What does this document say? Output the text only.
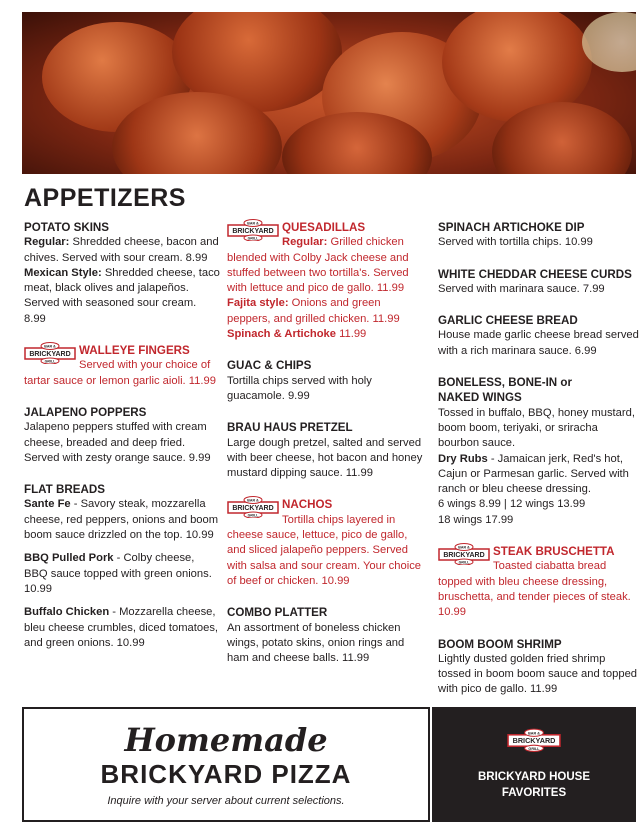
APPETIZERS
POTATO SKINS
Regular: Shredded cheese, bacon and chives. Served with sour cream. 8.99
Mexican Style: Shredded cheese, taco meat, black olives and jalapeños. Served with seasoned sour cream. 8.99
BAR &
BRICKYARD
GRILL
WALLEYE FINGERS
Served with your choice of tartar sauce or lemon garlic aioli. 11.99
JALAPENO POPPERS
Jalapeno peppers stuffed with cream cheese, breaded and deep fried. Served with zesty orange sauce. 9.99
FLAT BREADS
Sante Fe - Savory steak, mozzarella cheese, red peppers, onions and boom boom sauce drizzled on the top. 10.99
BBQ Pulled Pork - Colby cheese, BBQ sauce topped with green onions. 10.99
Buffalo Chicken - Mozzarella cheese, bleu cheese crumbles, diced tomatoes, and green onions. 10.99
BAR &
BRICKYARD
GRILL
QUESADILLAS
Regular: Grilled chicken blended with Colby Jack cheese and stuffed between two tortilla's. Served with lettuce and pico de gallo. 11.99
Fajita style: Onions and green peppers, and grilled chicken. 11.99
Spinach & Artichoke 11.99
GUAC & CHIPS
Tortilla chips served with holy guacamole. 9.99
BRAU HAUS PRETZEL
Large dough pretzel, salted and served with beer cheese, hot bacon and honey mustard dipping sauce. 11.99
BAR &
BRICKYARD
GRILL
NACHOS
Tortilla chips layered in cheese sauce, lettuce, pico de gallo, and sliced jalapeño peppers. Served with salsa and sour cream. Your choice of beef or chicken. 10.99
COMBO PLATTER
An assortment of boneless chicken wings, potato skins, onion rings and ham and cheese balls. 11.99
SPINACH ARTICHOKE DIP
Served with tortilla chips. 10.99
WHITE CHEDDAR CHEESE CURDS
Served with marinara sauce. 7.99
GARLIC CHEESE BREAD
House made garlic cheese bread served with a rich marinara sauce. 6.99
BONELESS, BONE-IN or NAKED WINGS
Tossed in buffalo, BBQ, honey mustard, boom boom, teriyaki, or sriracha bourbon sauce.
Dry Rubs - Jamaican jerk, Red's hot, Cajun or Parmesan garlic. Served with ranch or bleu cheese dressing.
6 wings 8.99 | 12 wings 13.99
18 wings 17.99
BAR &
BRICKYARD
GRILL
STEAK BRUSCHETTA
Toasted ciabatta bread topped with bleu cheese dressing, bruschetta, and tender pieces of steak. 10.99
BOOM BOOM SHRIMP
Lightly dusted golden fried shrimp tossed in boom boom sauce and topped with pico de gallo. 11.99
Homemade
BRICKYARD PIZZA
Inquire with your server about current selections.
BAR &
BRICKYARD
GRILL
BRICKYARD HOUSE
FAVORITES
